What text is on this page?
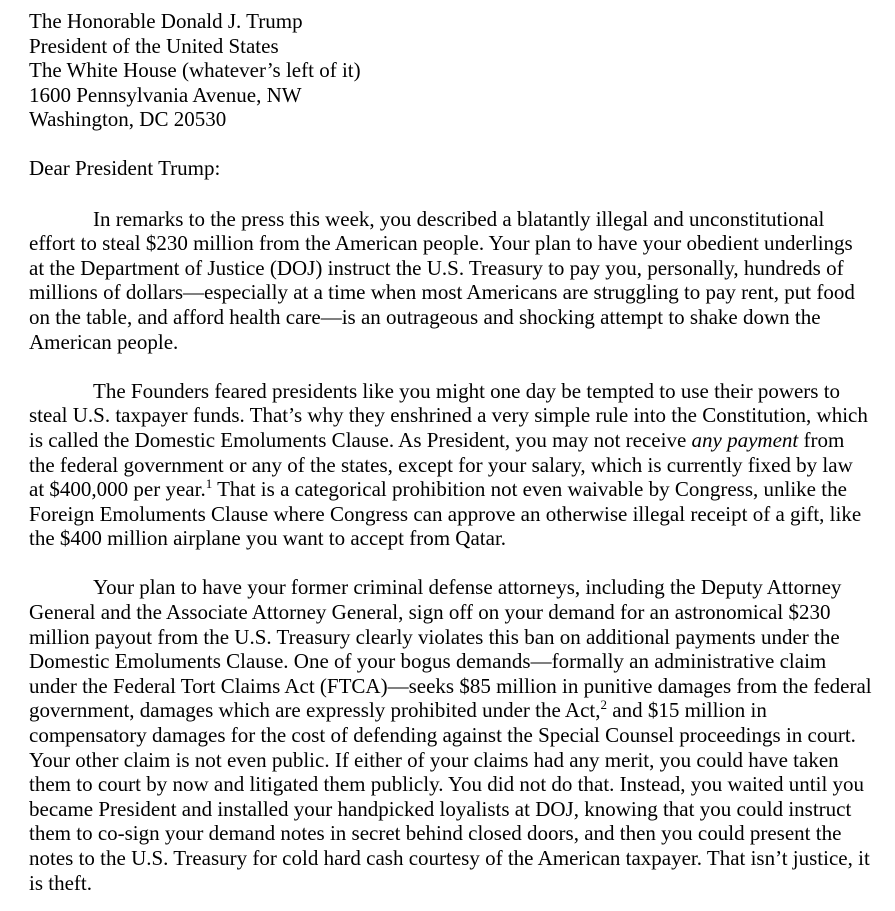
The Honorable Donald J. Trump
President of the United States
The White House (whatever’s left of it)
1600 Pennsylvania Avenue, NW
Washington, DC 20530
Dear President Trump:

In remarks to the press this week, you described a blatantly illegal and unconstitutional effort to steal $230 million from the American people. Your plan to have your obedient underlings at the Department of Justice (DOJ) instruct the U.S. Treasury to pay you, personally, hundreds of millions of dollars—especially at a time when most Americans are struggling to pay rent, put food on the table, and afford health care—is an outrageous and shocking attempt to shake down the American people.

The Founders feared presidents like you might one day be tempted to use their powers to steal U.S. taxpayer funds. That’s why they enshrined a very simple rule into the Constitution, which is called the Domestic Emoluments Clause. As President, you may not receive any payment from the federal government or any of the states, except for your salary, which is currently fixed by law at $400,000 per year.$^1$ That is a categorical prohibition not even waivable by Congress, unlike the Foreign Emoluments Clause where Congress can approve an otherwise illegal receipt of a gift, like the $400 million airplane you want to accept from Qatar.

Your plan to have your former criminal defense attorneys, including the Deputy Attorney General and the Associate Attorney General, sign off on your demand for an astronomical $230 million payout from the U.S. Treasury clearly violates this ban on additional payments under the Domestic Emoluments Clause. One of your bogus demands—formally an administrative claim under the Federal Tort Claims Act (FTCA)—seeks $85 million in punitive damages from the federal government, damages which are expressly prohibited under the Act,$^2$ and $15 million in compensatory damages for the cost of defending against the Special Counsel proceedings in court. Your other claim is not even public. If either of your claims had any merit, you could have taken them to court by now and litigated them publicly. You did not do that. Instead, you waited until you became President and installed your handpicked loyalists at DOJ, knowing that you could instruct them to co-sign your demand notes in secret behind closed doors, and then you could present the notes to the U.S. Treasury for cold hard cash courtesy of the American taxpayer. That isn’t justice, it is theft.
